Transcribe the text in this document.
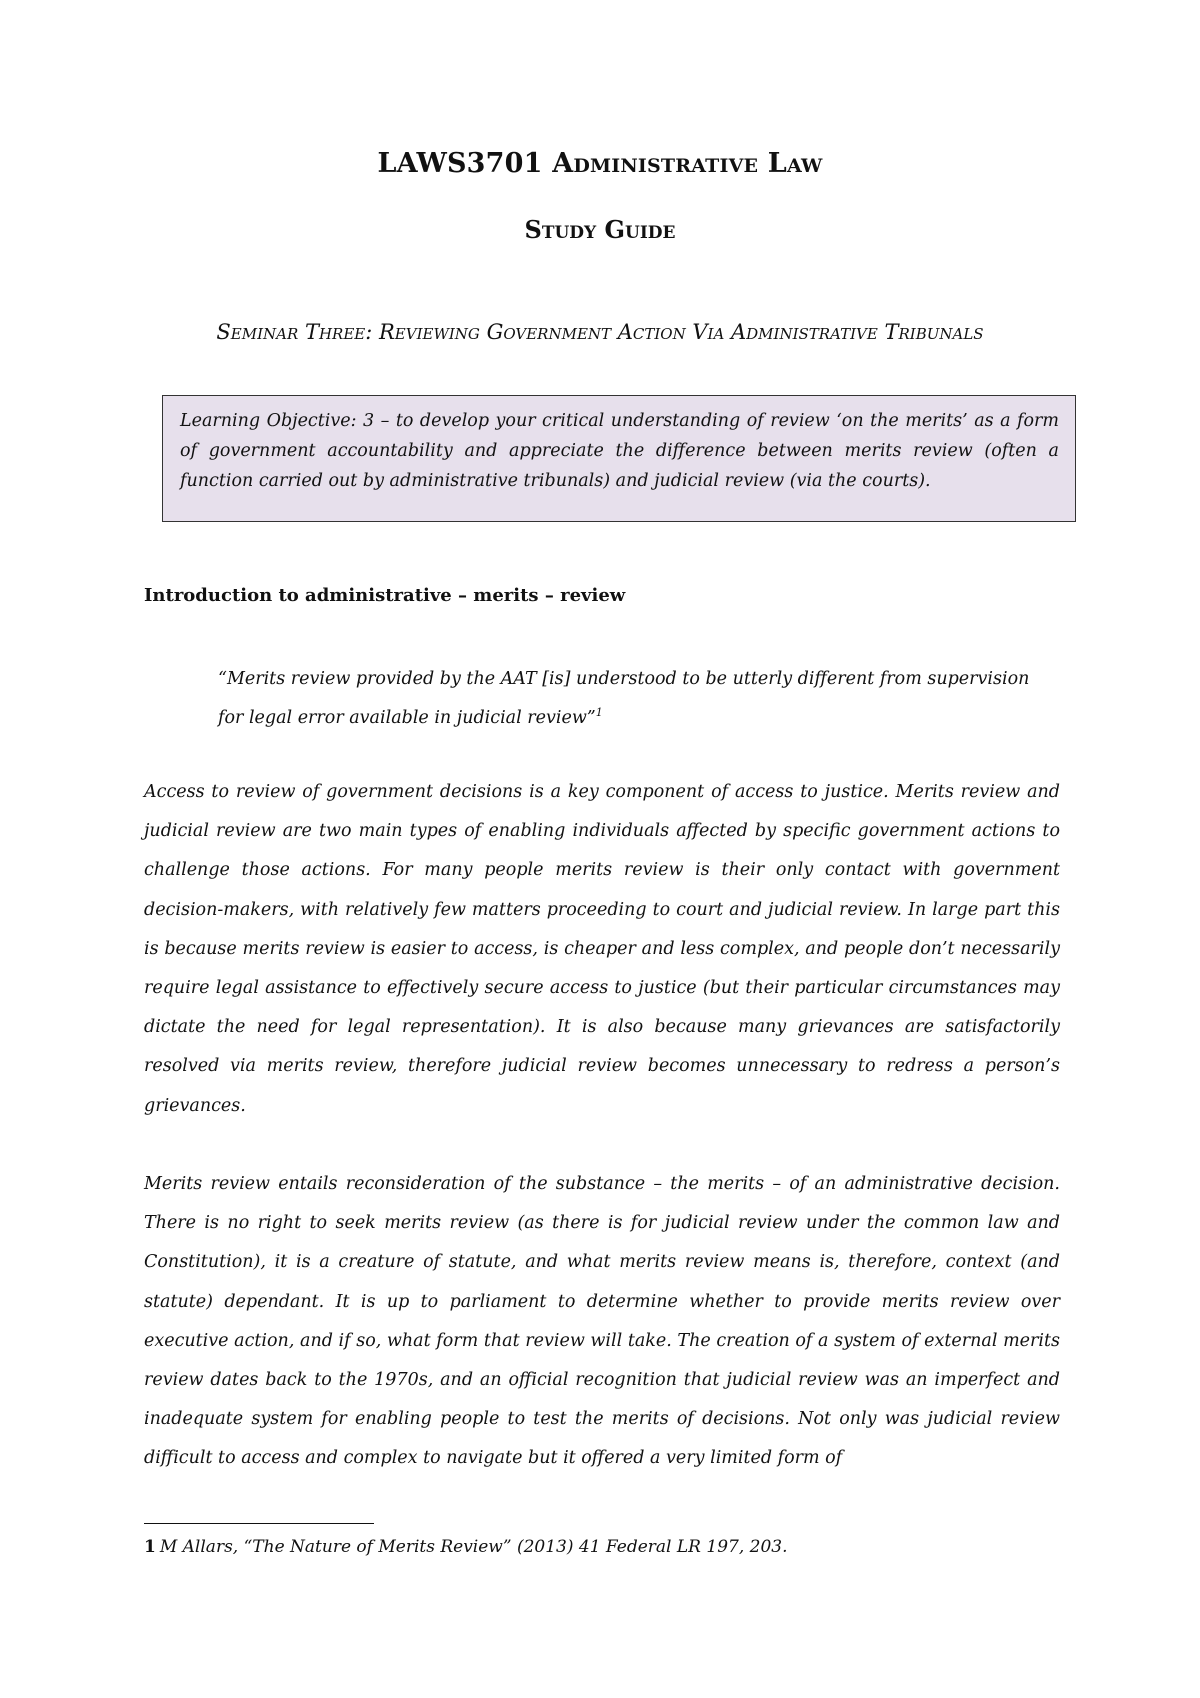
LAWS3701 Administrative Law
Study Guide
Seminar Three: Reviewing Government Action Via Administrative Tribunals
Learning Objective: 3 – to develop your critical understanding of review ‘on the merits’ as a form of government accountability and appreciate the difference between merits review (often a function carried out by administrative tribunals) and judicial review (via the courts).
Introduction to administrative – merits – review
“Merits review provided by the AAT [is] understood to be utterly different from supervision for legal error available in judicial review”$^1$

Access to review of government decisions is a key component of access to justice. Merits review and judicial review are two main types of enabling individuals affected by specific government actions to challenge those actions. For many people merits review is their only contact with government decision-makers, with relatively few matters proceeding to court and judicial review. In large part this is because merits review is easier to access, is cheaper and less complex, and people don’t necessarily require legal assistance to effectively secure access to justice (but their particular circumstances may dictate the need for legal representation). It is also because many grievances are satisfactorily resolved via merits review, therefore judicial review becomes unnecessary to redress a person’s grievances.

Merits review entails reconsideration of the substance – the merits – of an administrative decision. There is no right to seek merits review (as there is for judicial review under the common law and Constitution), it is a creature of statute, and what merits review means is, therefore, context (and statute) dependant. It is up to parliament to determine whether to provide merits review over executive action, and if so, what form that review will take. The creation of a system of external merits review dates back to the 1970s, and an official recognition that judicial review was an imperfect and inadequate system for enabling people to test the merits of decisions. Not only was judicial review difficult to access and complex to navigate but it offered a very limited form of

1 M Allars, “The Nature of Merits Review” (2013) 41 Federal LR 197, 203.
